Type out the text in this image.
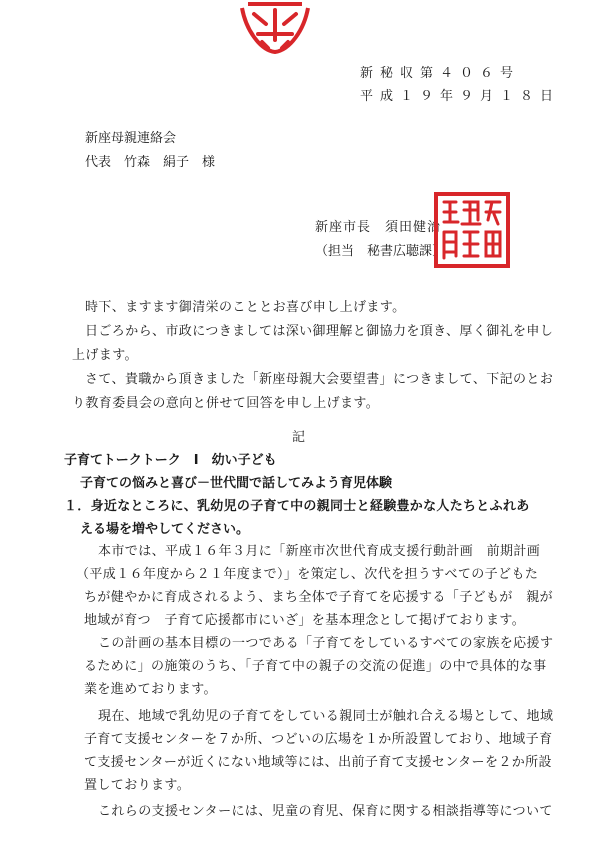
新秘収第４０６号
平成１９年９月１８日
新座母親連絡会
代表　竹森　絹子　様
新座市長　須田健治
（担当　秘書広聴課）
時下、ますます御清栄のこととお喜び申し上げます。
日ごろから、市政につきましては深い御理解と御協力を頂き、厚く御礼を申し
上げます。
さて、貴職から頂きました「新座母親大会要望書」につきまして、下記のとお
り教育委員会の意向と併せて回答を申し上げます。
記
子育てトークトーク　Ⅰ　幼い子ども
子育ての悩みと喜び－世代間で話してみよう育児体験
１．身近なところに、乳幼児の子育て中の親同士と経験豊かな人たちとふれあ
える場を増やしてください。
本市では、平成１６年３月に「新座市次世代育成支援行動計画　前期計画
（平成１６年度から２１年度まで）」を策定し、次代を担うすべての子どもた
ちが健やかに育成されるよう、まち全体で子育てを応援する「子どもが　親が
地域が育つ　子育て応援都市にいざ」を基本理念として掲げております。
この計画の基本目標の一つである「子育てをしているすべての家族を応援す
るために」の施策のうち、「子育て中の親子の交流の促進」の中で具体的な事
業を進めております。
現在、地域で乳幼児の子育てをしている親同士が触れ合える場として、地域
子育て支援センターを７か所、つどいの広場を１か所設置しており、地域子育
て支援センターが近くにない地域等には、出前子育て支援センターを２か所設
置しております。
これらの支援センターには、児童の育児、保育に関する相談指導等について
